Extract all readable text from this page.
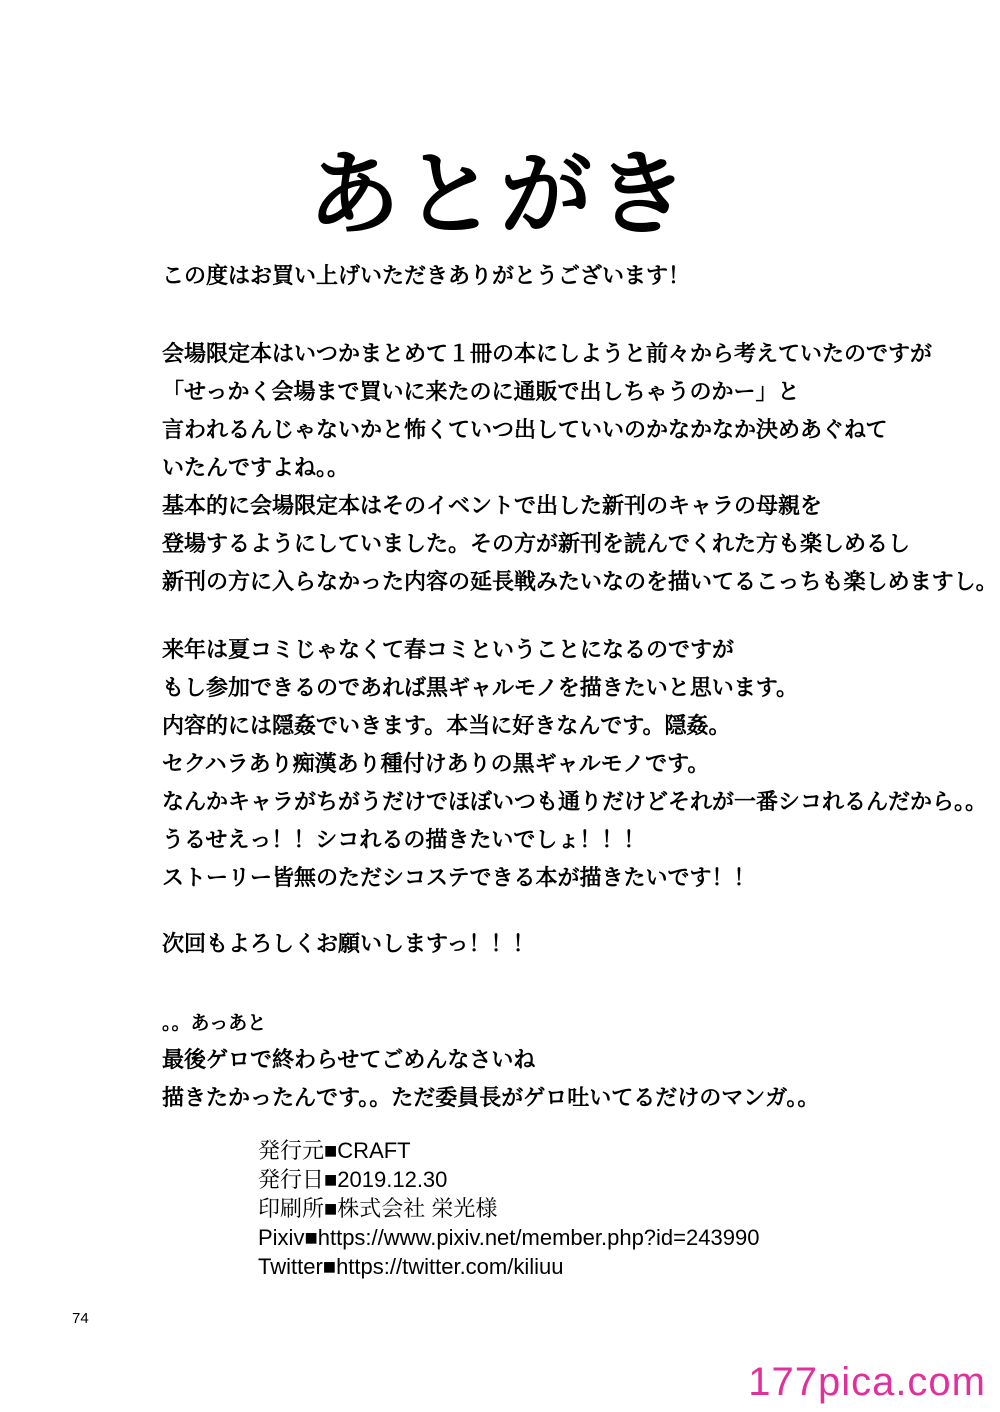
あとがき
この度はお買い上げいただきありがとうございます！
会場限定本はいつかまとめて１冊の本にしようと前々から考えていたのですが
「せっかく会場まで買いに来たのに通販で出しちゃうのかー」と
言われるんじゃないかと怖くていつ出していいのかなかなか決めあぐねて
いたんですよね。。
基本的に会場限定本はそのイベントで出した新刊のキャラの母親を
登場するようにしていました。その方が新刊を読んでくれた方も楽しめるし
新刊の方に入らなかった内容の延長戦みたいなのを描いてるこっちも楽しめますし。
来年は夏コミじゃなくて春コミということになるのですが
もし参加できるのであれば黒ギャルモノを描きたいと思います。
内容的には隠姦でいきます。本当に好きなんです。隠姦。
セクハラあり痴漢あり種付けありの黒ギャルモノです。
なんかキャラがちがうだけでほぼいつも通りだけどそれが一番シコれるんだから。。
うるせえっ！！シコれるの描きたいでしょ！！！
ストーリー皆無のただシコステできる本が描きたいです！！
次回もよろしくお願いしますっ！！！
。。あっあと
最後ゲロで終わらせてごめんなさいね
描きたかったんです。。ただ委員長がゲロ吐いてるだけのマンガ。。
発行元■CRAFT
発行日■2019.12.30
印刷所■株式会社 栄光様
Pixiv■https://www.pixiv.net/member.php?id=243990
Twitter■https://twitter.com/kiliuu
74
177pica.com
